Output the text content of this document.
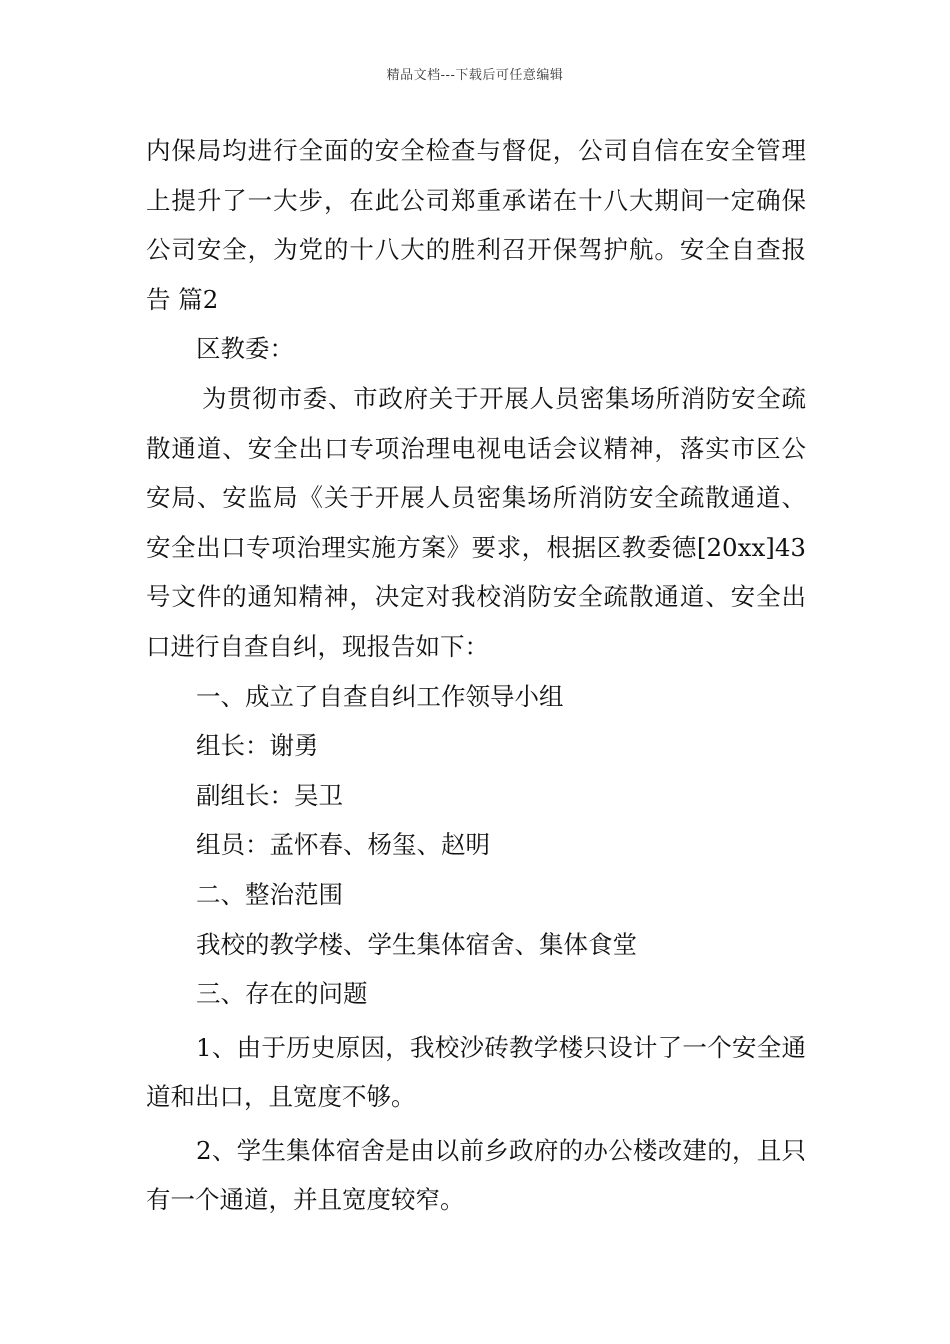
精品文档---下载后可任意编辑

内保局均进行全面的安全检查与督促，公司自信在安全管理上提升了一大步，在此公司郑重承诺在十八大期间一定确保公司安全，为党的十八大的胜利召开保驾护航。安全自查报告 篇2

区教委：

为贯彻市委、市政府关于开展人员密集场所消防安全疏散通道、安全出口专项治理电视电话会议精神，落实市区公安局、安监局《关于开展人员密集场所消防安全疏散通道、安全出口专项治理实施方案》要求，根据区教委德[20xx]43号文件的通知精神，决定对我校消防安全疏散通道、安全出口进行自查自纠，现报告如下：

一、成立了自查自纠工作领导小组

组长：谢勇

副组长：吴卫

组员：孟怀春、杨玺、赵明

二、整治范围

我校的教学楼、学生集体宿舍、集体食堂

三、存在的问题

1、由于历史原因，我校沙砖教学楼只设计了一个安全通道和出口，且宽度不够。

2、学生集体宿舍是由以前乡政府的办公楼改建的，且只有一个通道，并且宽度较窄。
